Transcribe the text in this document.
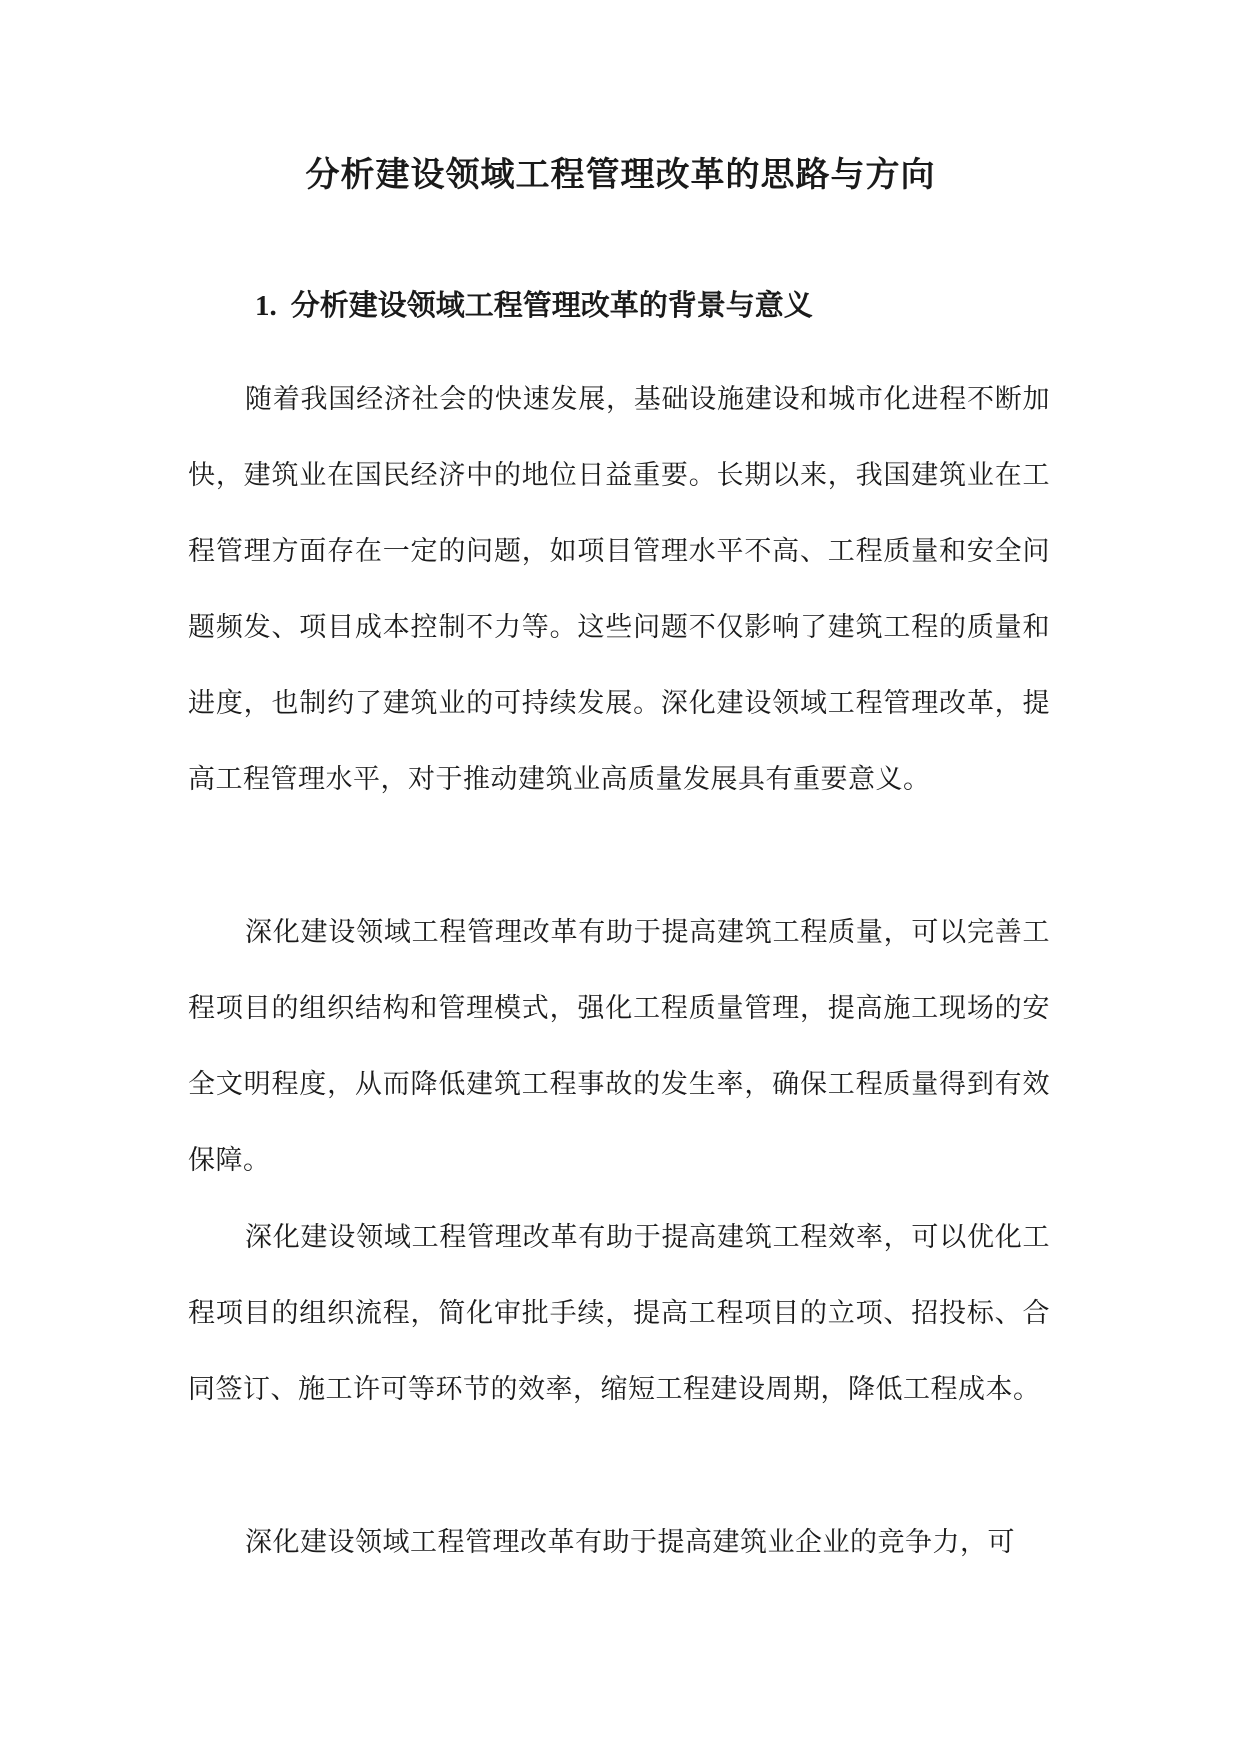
分析建设领域工程管理改革的思路与方向
1. 分析建设领域工程管理改革的背景与意义

随着我国经济社会的快速发展，基础设施建设和城市化进程不断加快，建筑业在国民经济中的地位日益重要。长期以来，我国建筑业在工程管理方面存在一定的问题，如项目管理水平不高、工程质量和安全问题频发、项目成本控制不力等。这些问题不仅影响了建筑工程的质量和进度，也制约了建筑业的可持续发展。深化建设领域工程管理改革，提高工程管理水平，对于推动建筑业高质量发展具有重要意义。

深化建设领域工程管理改革有助于提高建筑工程质量，可以完善工程项目的组织结构和管理模式，强化工程质量管理，提高施工现场的安全文明程度，从而降低建筑工程事故的发生率，确保工程质量得到有效保障。

深化建设领域工程管理改革有助于提高建筑工程效率，可以优化工程项目的组织流程，简化审批手续，提高工程项目的立项、招投标、合同签订、施工许可等环节的效率，缩短工程建设周期，降低工程成本。

深化建设领域工程管理改革有助于提高建筑业企业的竞争力，可
